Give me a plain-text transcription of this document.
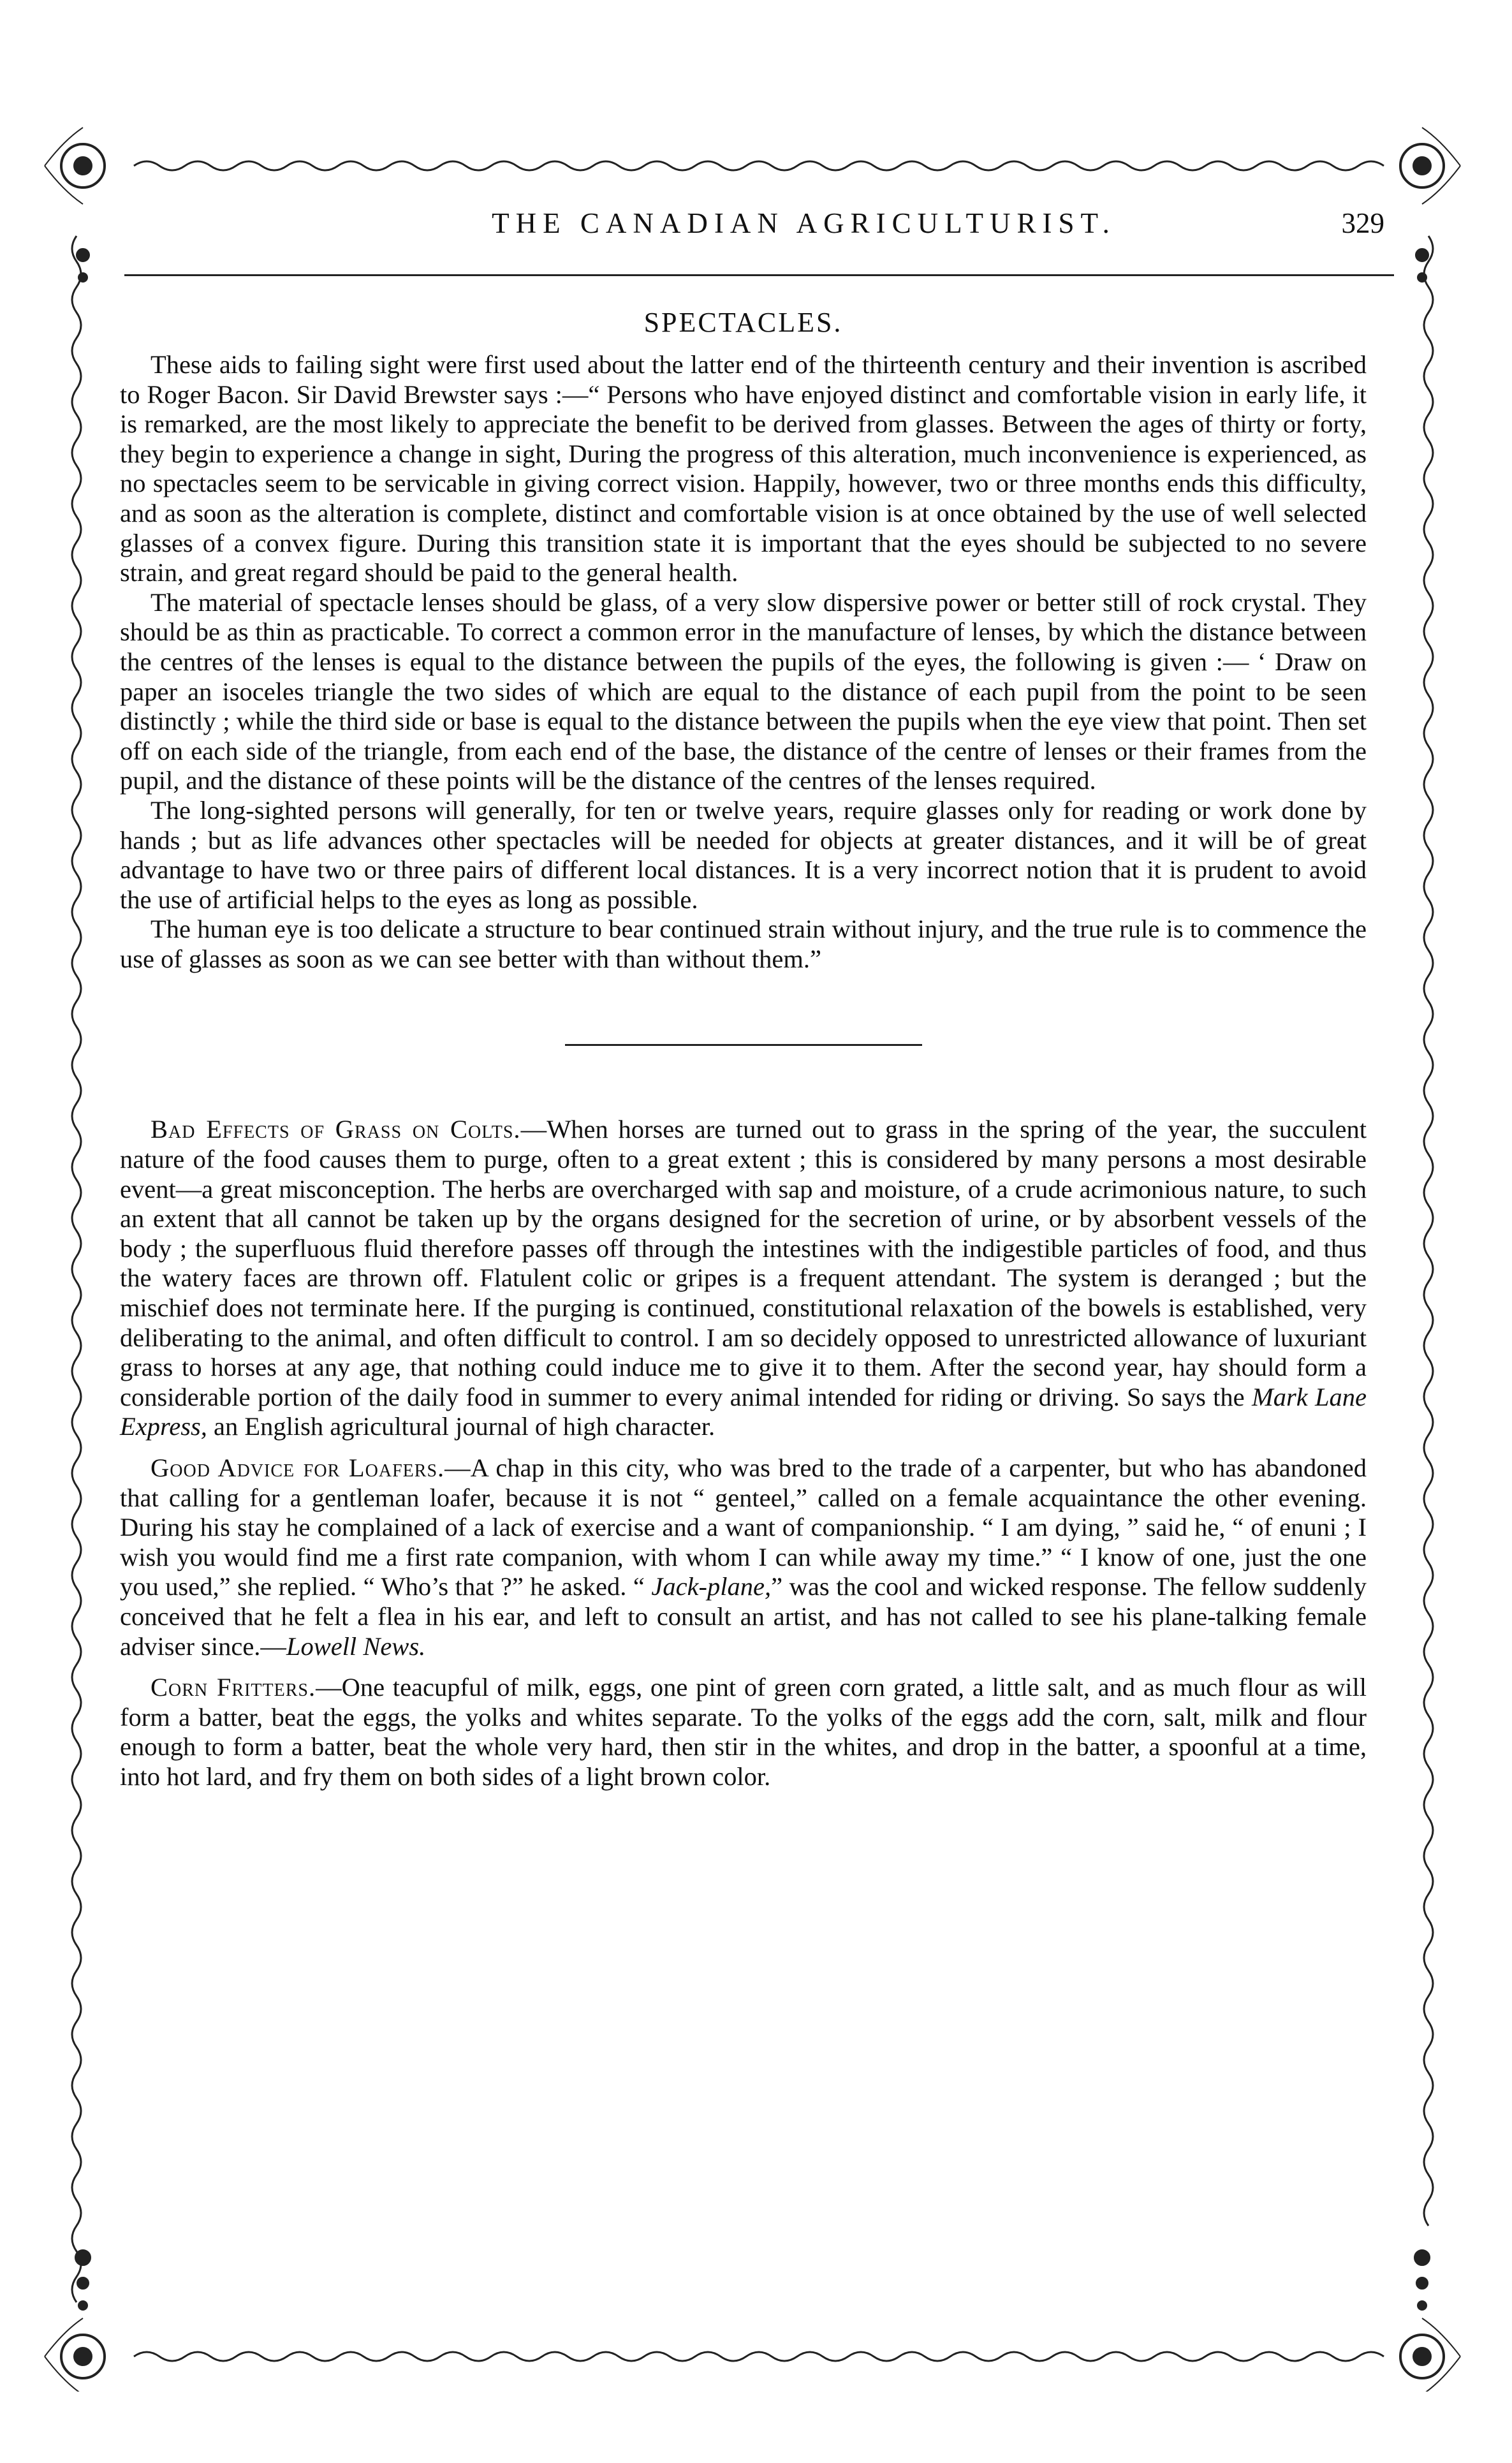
THE CANADIAN AGRICULTURIST.	329
SPECTACLES.

These aids to failing sight were first used about the latter end of the thirteenth century and their invention is ascribed to Roger Bacon. Sir David Brewster says :—“ Persons who have enjoyed distinct and comfortable vision in early life, it is remarked, are the most likely to appreciate the benefit to be derived from glasses. Between the ages of thirty or forty, they begin to experience a change in sight, During the progress of this alteration, much inconvenience is experienced, as no spectacles seem to be servicable in giving correct vision. Happily, however, two or three months ends this difficulty, and as soon as the alteration is complete, distinct and comfortable vision is at once obtained by the use of well selected glasses of a convex figure. During this transition state it is important that the eyes should be subjected to no severe strain, and great regard should be paid to the general health.

The material of spectacle lenses should be glass, of a very slow dispersive power or better still of rock crystal. They should be as thin as practicable. To correct a common error in the manufacture of lenses, by which the distance between the centres of the lenses is equal to the distance between the pupils of the eyes, the following is given :— ‘ Draw on paper an isoceles triangle the two sides of which are equal to the distance of each pupil from the point to be seen distinctly ; while the third side or base is equal to the distance between the pupils when the eye view that point. Then set off on each side of the triangle, from each end of the base, the distance of the centre of lenses or their frames from the pupil, and the distance of these points will be the distance of the centres of the lenses required.

The long-sighted persons will generally, for ten or twelve years, require glasses only for reading or work done by hands ; but as life advances other spectacles will be needed for objects at greater distances, and it will be of great advantage to have two or three pairs of different local distances. It is a very incorrect notion that it is prudent to avoid the use of artificial helps to the eyes as long as possible.

The human eye is too delicate a structure to bear continued strain without injury, and the true rule is to commence the use of glasses as soon as we can see better with than without them.”

Bad Effects of Grass on Colts.—When horses are turned out to grass in the spring of the year, the succulent nature of the food causes them to purge, often to a great extent ; this is considered by many persons a most desirable event—a great misconception. The herbs are overcharged with sap and moisture, of a crude acrimonious nature, to such an extent that all cannot be taken up by the organs designed for the secretion of urine, or by absorbent vessels of the body ; the superfluous fluid therefore passes off through the intestines with the indigestible particles of food, and thus the watery faces are thrown off. Flatulent colic or gripes is a frequent attendant. The system is deranged ; but the mischief does not terminate here. If the purging is continued, constitutional relaxation of the bowels is established, very deliberating to the animal, and often difficult to control. I am so decidely opposed to unrestricted allowance of luxuriant grass to horses at any age, that nothing could induce me to give it to them. After the second year, hay should form a considerable portion of the daily food in summer to every animal intended for riding or driving. So says the Mark Lane Express, an English agricultural journal of high character.

Good Advice for Loafers.—A chap in this city, who was bred to the trade of a carpenter, but who has abandoned that calling for a gentleman loafer, because it is not “ genteel,” called on a female acquaintance the other evening. During his stay he complained of a lack of exercise and a want of companionship. “ I am dying, ” said he, “ of enuni ; I wish you would find me a first rate companion, with whom I can while away my time.” “ I know of one, just the one you used,” she replied. “ Who’s that ?” he asked. “ Jack-plane,” was the cool and wicked response. The fellow suddenly conceived that he felt a flea in his ear, and left to consult an artist, and has not called to see his plane-talking female adviser since.—Lowell News.

Corn Fritters.—One teacupful of milk, eggs, one pint of green corn grated, a little salt, and as much flour as will form a batter, beat the eggs, the yolks and whites separate. To the yolks of the eggs add the corn, salt, milk and flour enough to form a batter, beat the whole very hard, then stir in the whites, and drop in the batter, a spoonful at a time, into hot lard, and fry them on both sides of a light brown color.
